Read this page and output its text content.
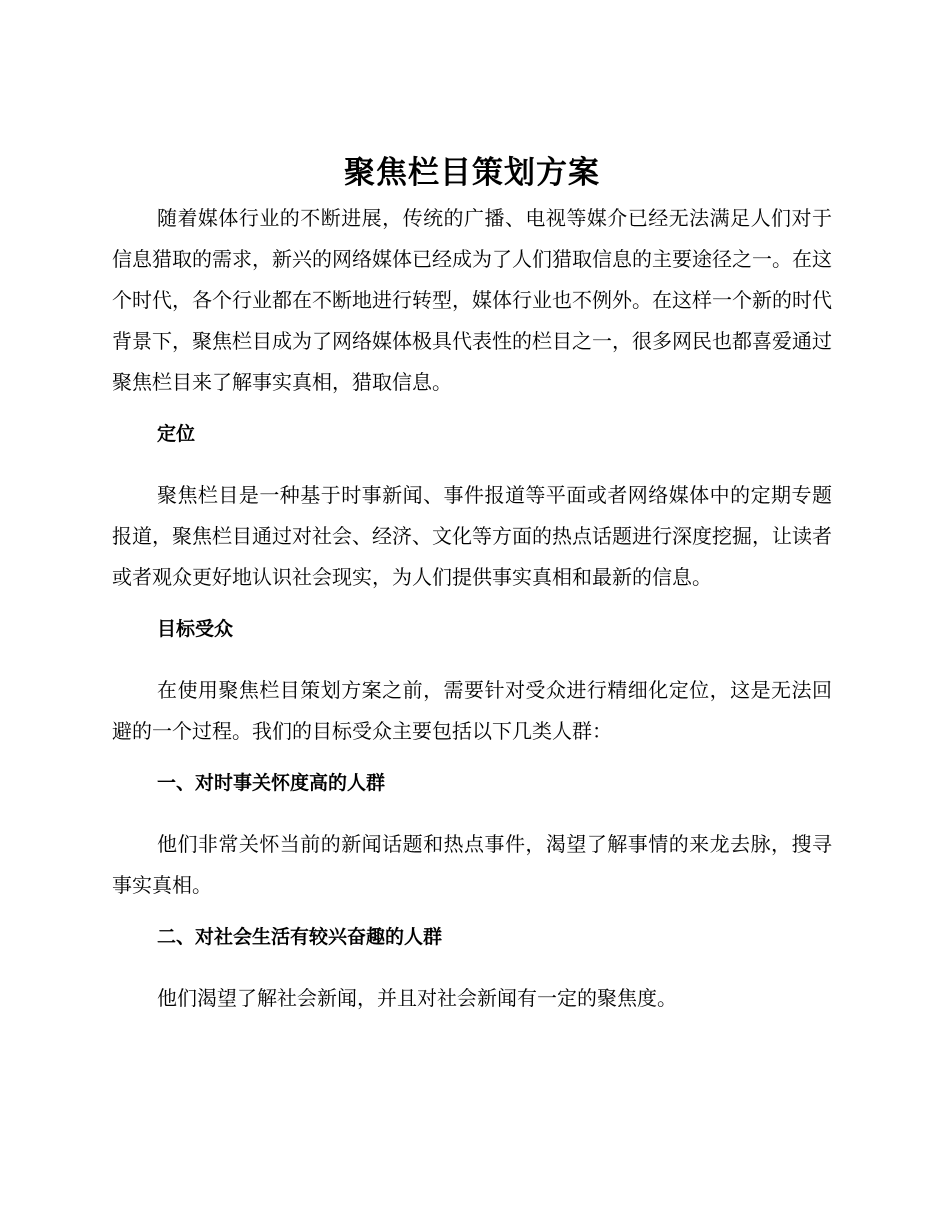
聚焦栏目策划方案

随着媒体行业的不断进展，传统的广播、电视等媒介已经无法满足人们对于信息猎取的需求，新兴的网络媒体已经成为了人们猎取信息的主要途径之一。在这个时代，各个行业都在不断地进行转型，媒体行业也不例外。在这样一个新的时代背景下，聚焦栏目成为了网络媒体极具代表性的栏目之一，很多网民也都喜爱通过聚焦栏目来了解事实真相，猎取信息。

定位

聚焦栏目是一种基于时事新闻、事件报道等平面或者网络媒体中的定期专题报道，聚焦栏目通过对社会、经济、文化等方面的热点话题进行深度挖掘，让读者或者观众更好地认识社会现实，为人们提供事实真相和最新的信息。

目标受众

在使用聚焦栏目策划方案之前，需要针对受众进行精细化定位，这是无法回避的一个过程。我们的目标受众主要包括以下几类人群：

一、对时事关怀度高的人群

他们非常关怀当前的新闻话题和热点事件，渴望了解事情的来龙去脉，搜寻事实真相。

二、对社会生活有较兴奋趣的人群

他们渴望了解社会新闻，并且对社会新闻有一定的聚焦度。
